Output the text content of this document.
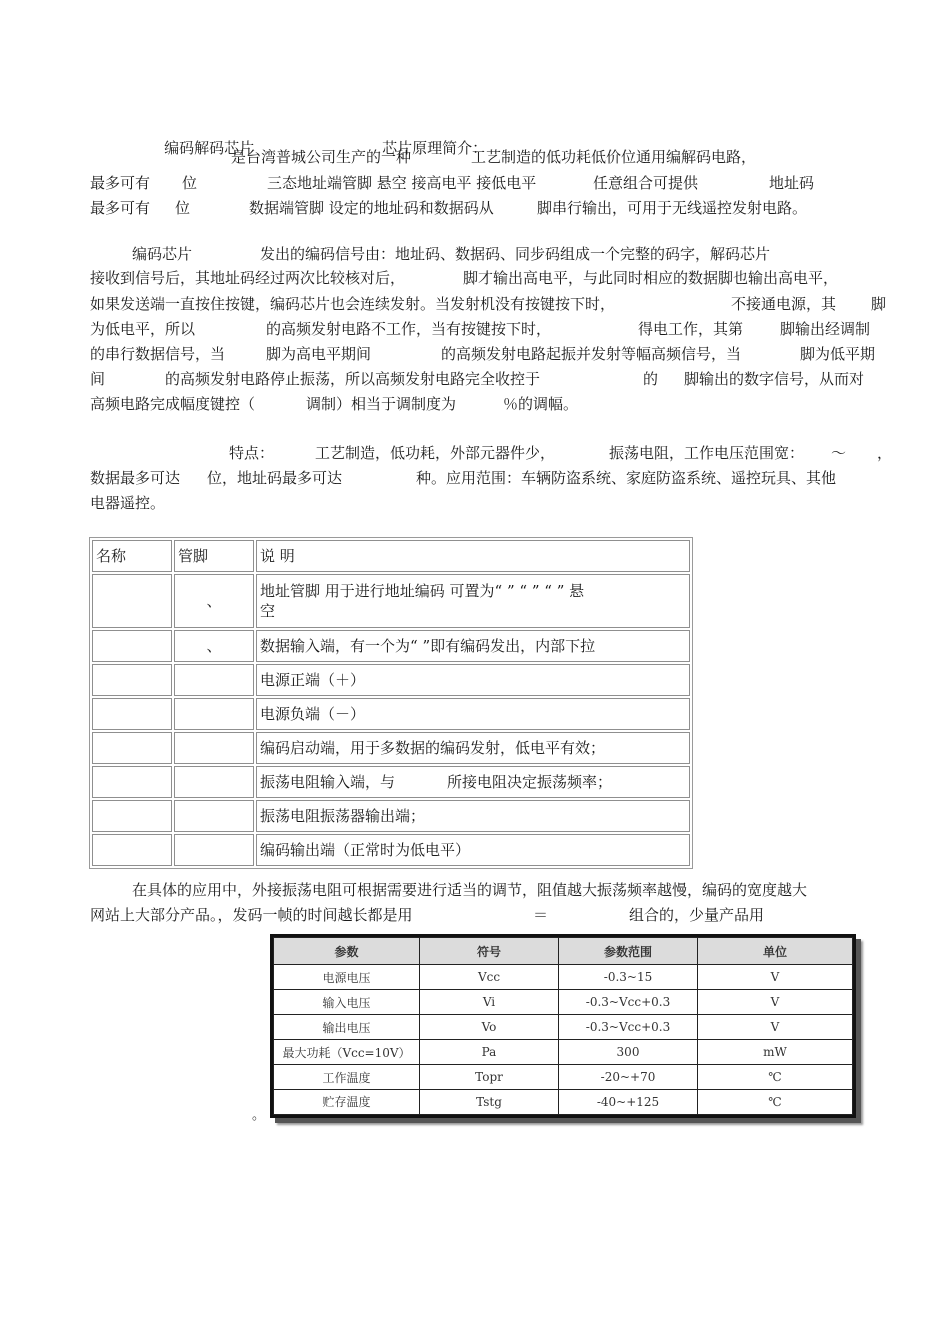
编码解码芯片
	芯片原理简介：

是台湾普城公司生产的一种	工艺制造的低功耗低价位通用编解码电路，
最多可有 位	三态地址端管脚 悬空 接高电平 接低电平	任意组合可提供	地址码
最多可有 位	数据端管脚 设定的地址码和数据码从	脚串行输出，可用于无线遥控发射电路。
编码芯片	发出的编码信号由：地址码、数据码、同步码组成一个完整的码字，解码芯片
接收到信号后，其地址码经过两次比较核对后，	脚才输出高电平，与此同时相应的数据脚也输出高电平，
如果发送端一直按住按键，编码芯片也会连续发射。当发射机没有按键按下时，	不接通电源，其 脚
为低电平，所以	的高频发射电路不工作，当有按键按下时，	得电工作，其第 脚输出经调制
的串行数据信号，当	脚为高电平期间	的高频发射电路起振并发射等幅高频信号，当	脚为低平期
间	的高频发射电路停止振荡，所以高频发射电路完全收控于	的 脚输出的数字信号，从而对
高频电路完成幅度键控（	调制）相当于调制度为	％的调幅。
特点：	工艺制造，低功耗，外部元器件少，	振荡电阻，工作电压范围宽： ～ ，
数据最多可达 位，地址码最多可达	种。应用范围：车辆防盗系统、家庭防盗系统、遥控玩具、其他
电器遥控。
名称	管脚	说 明
	、	地址管脚 用于进行地址编码 可置为“ ” “ ” “ ” 悬
空
	、	数据输入端，有一个为“ ”即有编码发出，内部下拉
		电源正端（＋）
		电源负端（－）
		编码启动端，用于多数据的编码发射，低电平有效；
		振荡电阻输入端，与 所接电阻决定振荡频率；
		振荡电阻振荡器输出端；
		编码输出端（正常时为低电平）
在具体的应用中，外接振荡电阻可根据需要进行适当的调节，阻值越大振荡频率越慢，编码的宽度越大
网站上大部分产品。，发码一帧的时间越长都是用	＝	组合的，少量产品用
参数	符号	参数范围	单位
电源电压	Vcc	-0.3~15	V
输入电压	Vi	-0.3~Vcc+0.3	V
输出电压	Vo	-0.3~Vcc+0.3	V
最大功耗（Vcc=10V）	Pa	300	mW
工作温度	Topr	-20~+70	℃
贮存温度	Tstg	-40~+125	℃
。
